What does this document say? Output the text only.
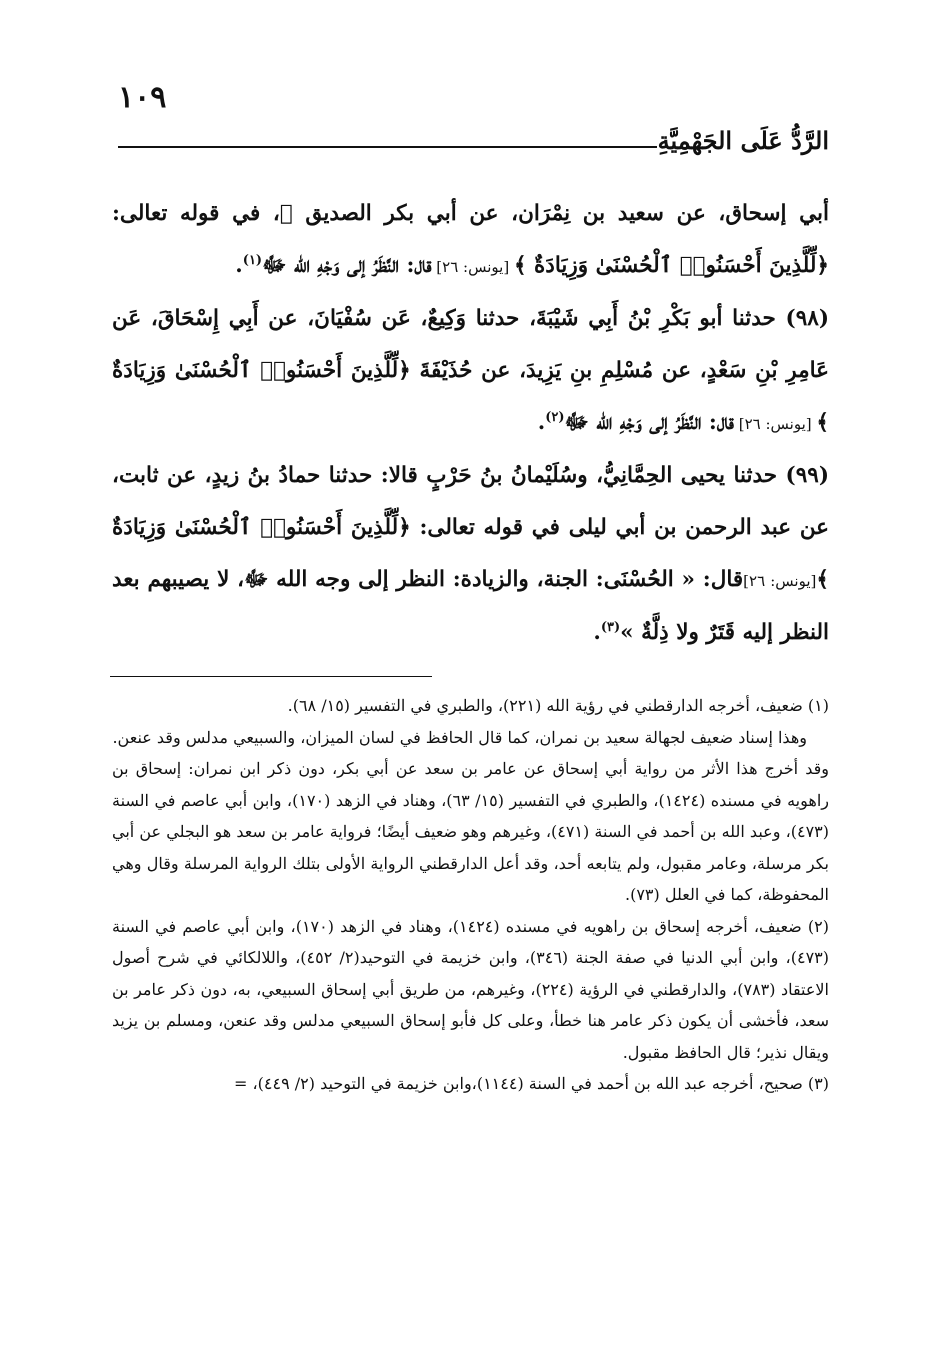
١٠٩
الرَّدُّ عَلَى الجَهْمِيَّةِ

أبي إسحاق، عن سعيد بن نِمْرَان، عن أبي بكر الصديق ﷺ، في قوله تعالى: ﴿لِّلَّذِينَ أَحْسَنُوا۟ ٱلْحُسْنَىٰ وَزِيَادَةٌ ﴾ [يونس: ٢٦] قال: النَّظَرُ إلى وَجْهِ الله ﷻ$^{(١)}$.

(٩٨) حدثنا أبو بَكْرِ بْنُ أَبِي شَيْبَةَ، حدثنا وَكِيعٌ، عَن سُفْيَانَ، عن أَبِي إِسْحَاقَ، عَن عَامِرِ بْنِ سَعْدٍ، عن مُسْلِمِ بنِ يَزِيدَ، عن حُذَيْفَةَ ﴿لِّلَّذِينَ أَحْسَنُوا۟ ٱلْحُسْنَىٰ وَزِيَادَةٌ ﴾ [يونس: ٢٦] قال: النَّظَرُ إلى وَجْهِ الله ﷻ$^{(٢)}$.

(٩٩) حدثنا يحيى الحِمَّانِيُّ، وسُلَيْمانُ بنُ حَرْبٍ قالا: حدثنا حمادُ بنُ زيدٍ، عن ثابت، عن عبد الرحمن بن أبي ليلى في قوله تعالى: ﴿لِّلَّذِينَ أَحْسَنُوا۟ ٱلْحُسْنَىٰ وَزِيَادَةٌ ﴾[يونس: ٢٦]قال: « الحُسْنَى: الجنة، والزيادة: النظر إلى وجه الله ﷻ، لا يصيبهم بعد النظر إليه قَتَرٌ ولا ذِلَّةٌ »$^{(٣)}$.

(١) ضعيف، أخرجه الدارقطني في رؤية الله (٢٢١)، والطبري في التفسير (١٥/ ٦٨).

وهذا إسناد ضعيف لجهالة سعيد بن نمران، كما قال الحافظ في لسان الميزان، والسبيعي مدلس وقد عنعن.

وقد أخرج هذا الأثر من رواية أبي إسحاق عن عامر بن سعد عن أبي بكر، دون ذكر ابن نمران: إسحاق بن راهويه في مسنده (١٤٢٤)، والطبري في التفسير (١٥/ ٦٣)، وهناد في الزهد (١٧٠)، وابن أبي عاصم في السنة (٤٧٣)، وعبد الله بن أحمد في السنة (٤٧١)، وغيرهم وهو ضعيف أيضًا؛ فرواية عامر بن سعد هو البجلي عن أبي بكر مرسلة، وعامر مقبول، ولم يتابعه أحد، وقد أعل الدارقطني الرواية الأولى بتلك الرواية المرسلة وقال وهي المحفوظة، كما في العلل (٧٣).

(٢) ضعيف، أخرجه إسحاق بن راهويه في مسنده (١٤٢٤)، وهناد في الزهد (١٧٠)، وابن أبي عاصم في السنة (٤٧٣)، وابن أبي الدنيا في صفة الجنة (٣٤٦)، وابن خزيمة في التوحيد(٢/ ٤٥٢)، واللالكائي في شرح أصول الاعتقاد (٧٨٣)، والدارقطني في الرؤية (٢٢٤)، وغيرهم، من طريق أبي إسحاق السبيعي، به، دون ذكر عامر بن سعد، فأخشى أن يكون ذكر عامر هنا خطأ، وعلى كل فأبو إسحاق السبيعي مدلس وقد عنعن، ومسلم بن يزيد ويقال نذير؛ قال الحافظ مقبول.

(٣) صحيح، أخرجه عبد الله بن أحمد في السنة (١١٤٤)،وابن خزيمة في التوحيد (٢/ ٤٤٩)، =
